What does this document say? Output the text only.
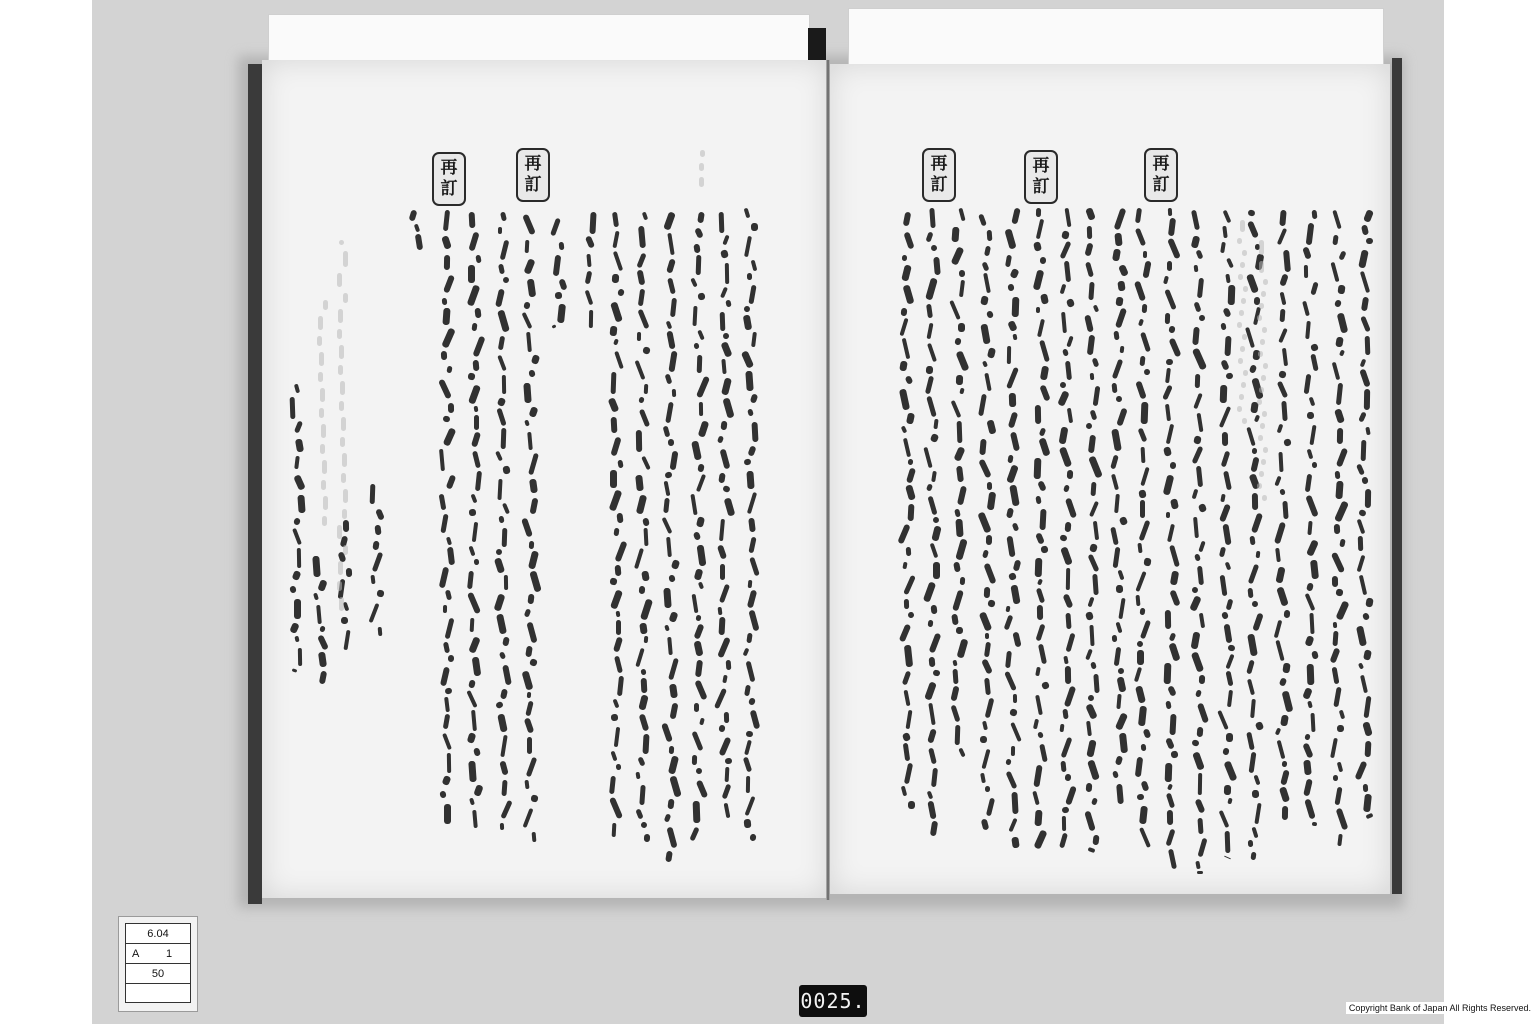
再
訂
再
訂
再
訂
再
訂
再
訂
6.04
A 1
50
0025.	Copyright Bank of Japan All Rights Reserved.
